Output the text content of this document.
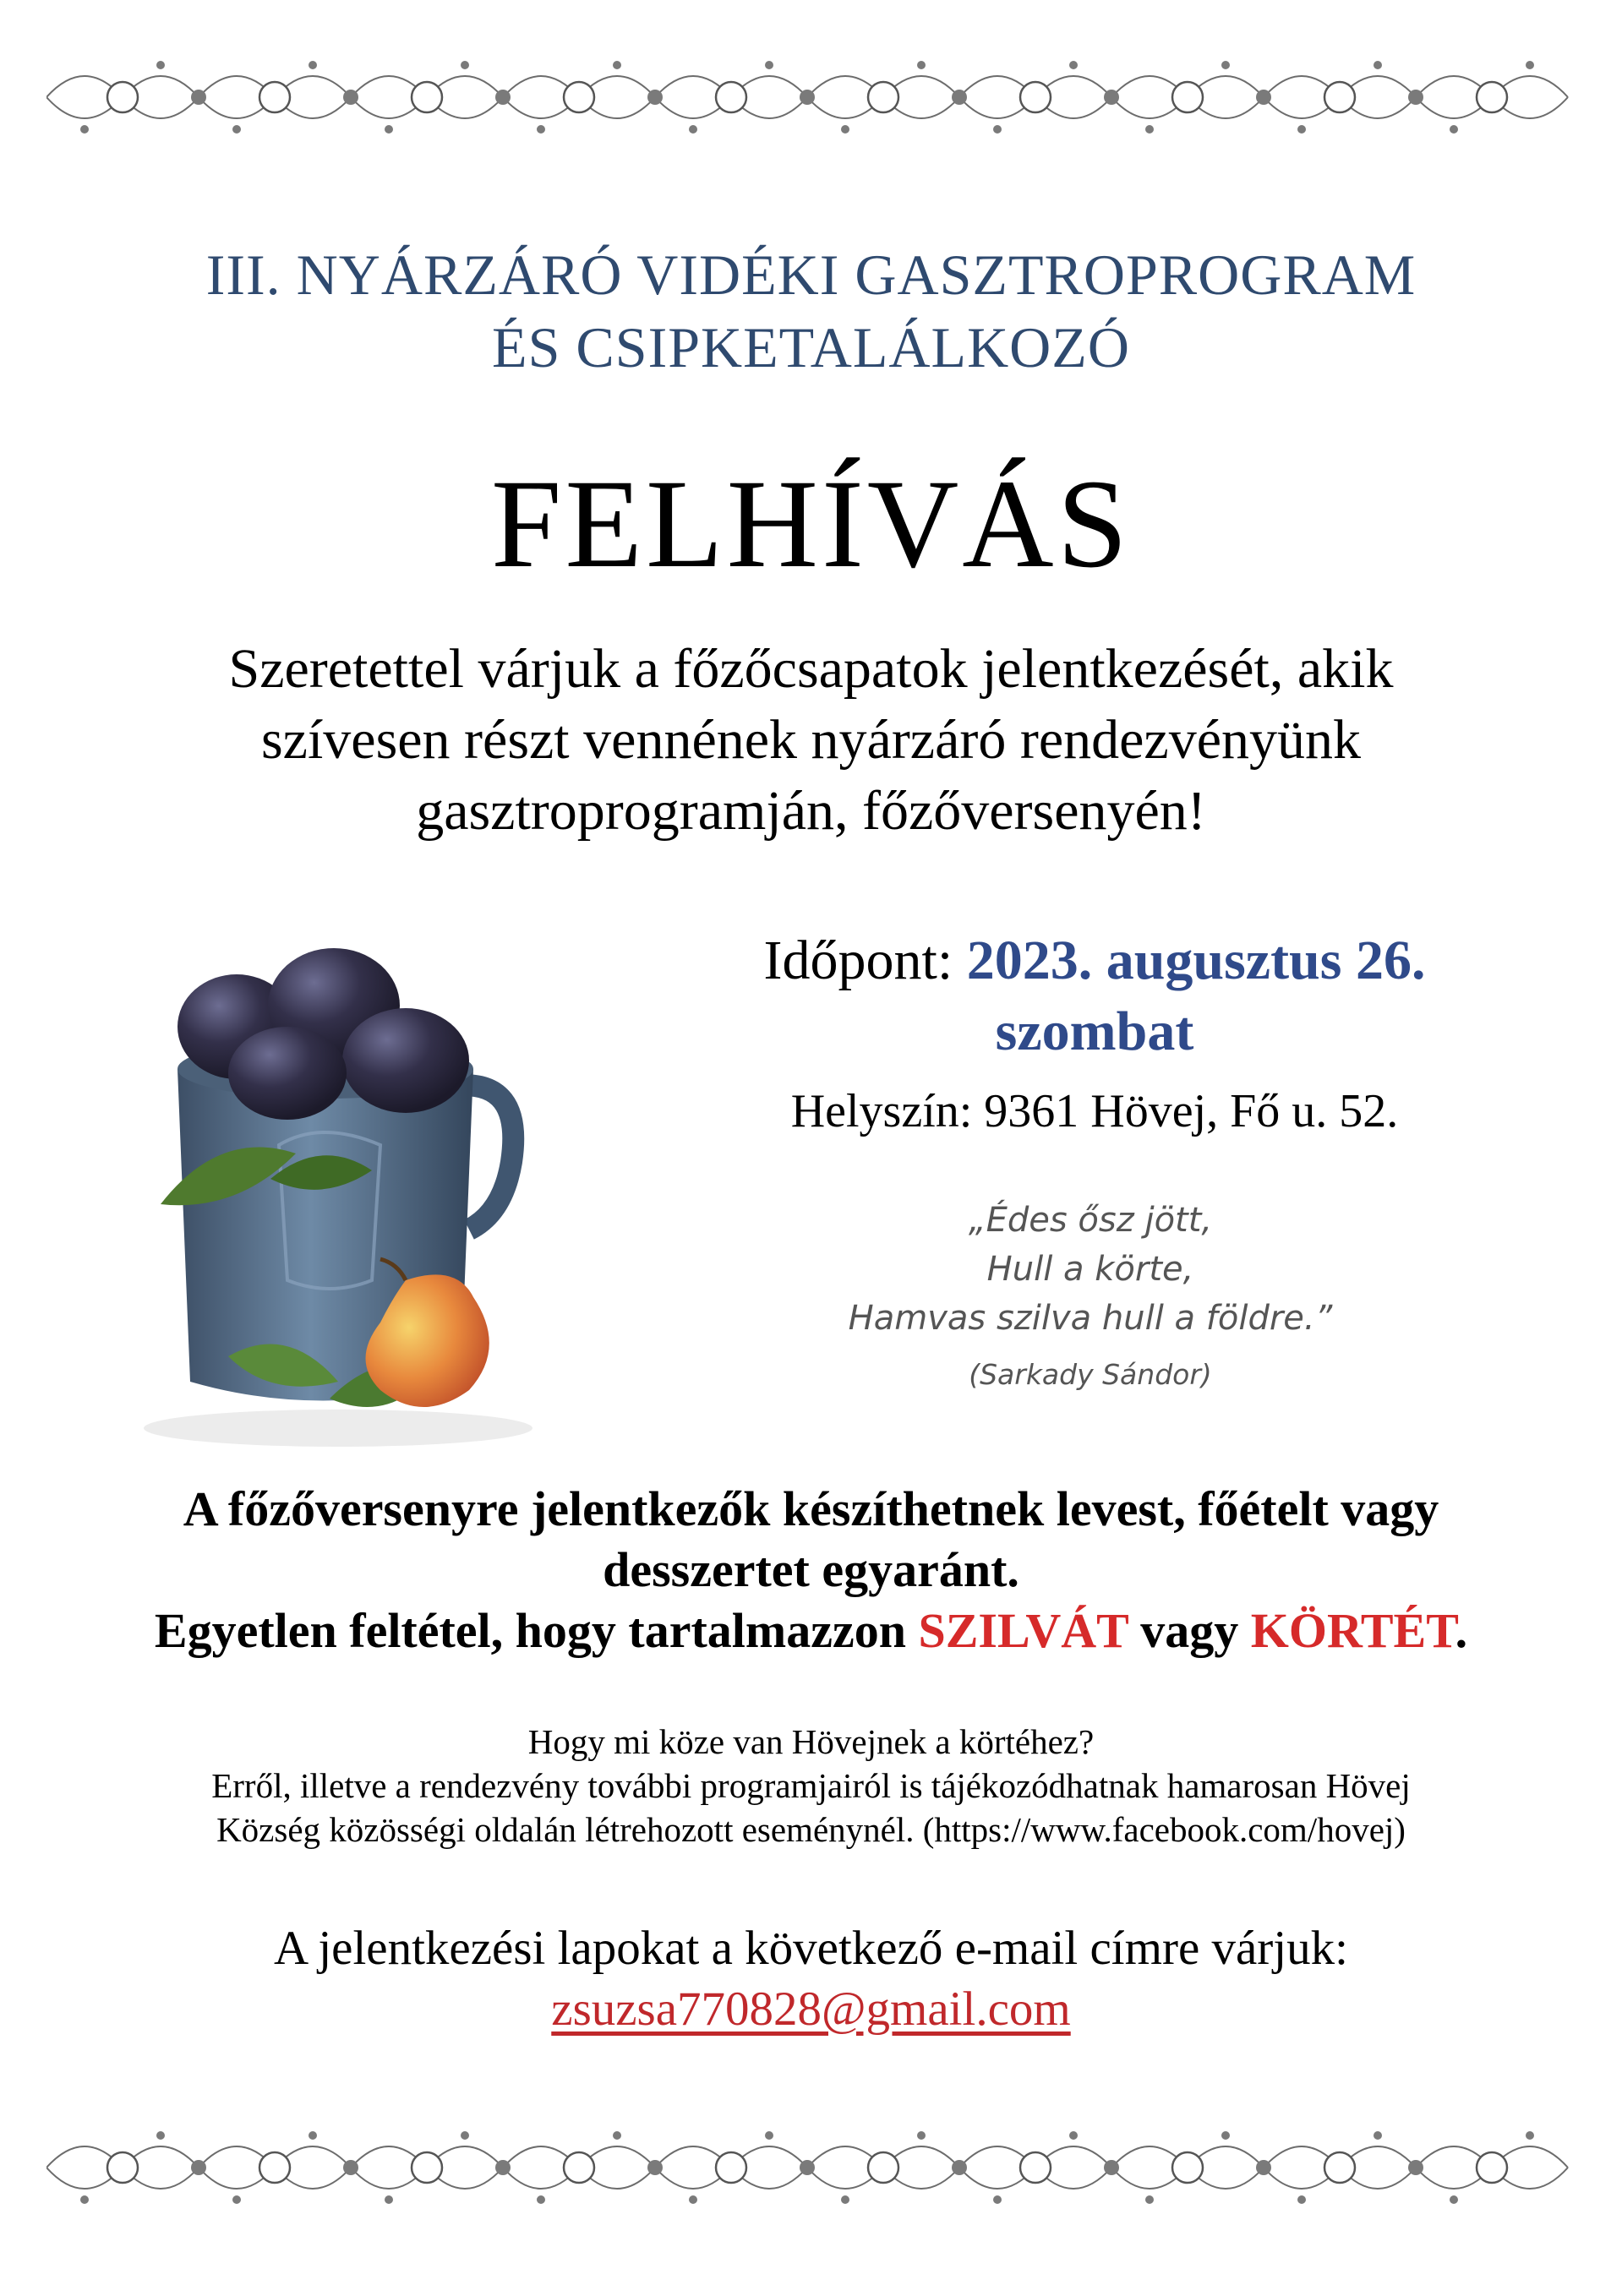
III. NYÁRZÁRÓ VIDÉKI GASZTROPROGRAM
ÉS CSIPKETALÁLKOZÓ
FELHÍVÁS
Szeretettel várjuk a főzőcsapatok jelentkezését, akik
szívesen részt vennének nyárzáró rendezvényünk
gasztroprogramján, főzőversenyén!
Időpont: 2023. augusztus 26.
szombat
Helyszín: 9361 Hövej, Fő u. 52.
„Édes ősz jött,
Hull a körte,
Hamvas szilva hull a földre.”
(Sarkady Sándor)
A főzőversenyre jelentkezők készíthetnek levest, főételt vagy
desszertet egyaránt.
Egyetlen feltétel, hogy tartalmazzon SZILVÁT vagy KÖRTÉT.
Hogy mi köze van Hövejnek a körtéhez?
Erről, illetve a rendezvény további programjairól is tájékozódhatnak hamarosan Hövej
Község közösségi oldalán létrehozott eseménynél. (https://www.facebook.com/hovej)
A jelentkezési lapokat a következő e-mail címre várjuk:
zsuzsa770828@gmail.com
